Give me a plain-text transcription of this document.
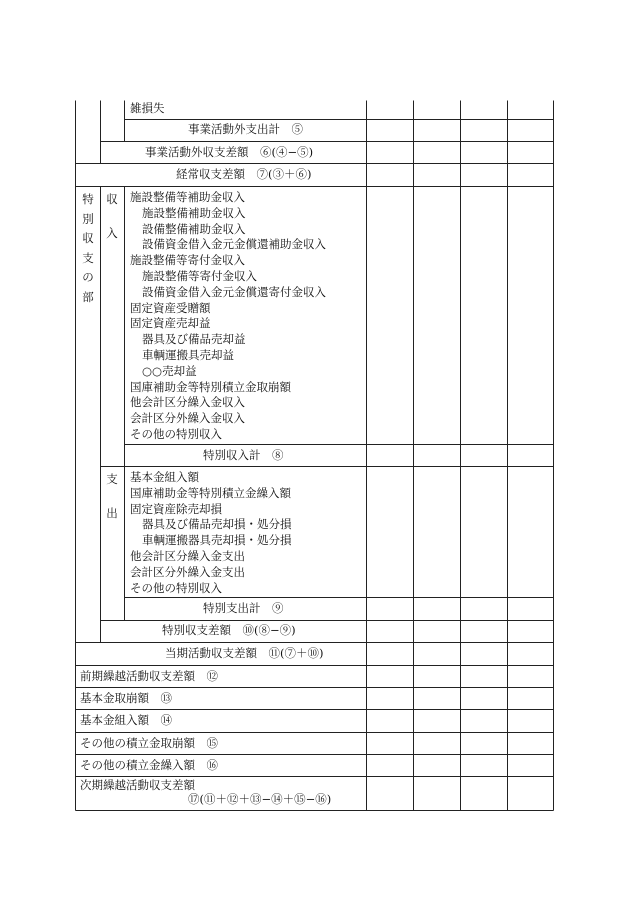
雑損失
事業活動外支出計　⑤
事業活動外収支差額　⑥(④−⑤)
経常収支差額　⑦(③＋⑥)
特
別
収
支
の
部
収
入
支
出
施設整備等補助金収入
施設整備補助金収入
設備整備補助金収入
設備資金借入金元金償還補助金収入
施設整備等寄付金収入
施設整備等寄付金収入
設備資金借入金元金償還寄付金収入
固定資産受贈額
固定資産売却益
器具及び備品売却益
車輌運搬具売却益
○○売却益
国庫補助金等特別積立金取崩額
他会計区分繰入金収入
会計区分外繰入金収入
その他の特別収入
基本金組入額
国庫補助金等特別積立金繰入額
固定資産除売却損
器具及び備品売却損・処分損
車輌運搬器具売却損・処分損
他会計区分繰入金支出
会計区分外繰入金支出
その他の特別収入
特別収入計　⑧
特別支出計　⑨
特別収支差額　⑩(⑧−⑨)
当期活動収支差額　⑪(⑦＋⑩)
前期繰越活動収支差額　⑫
基本金取崩額　⑬
基本金組入額　⑭
その他の積立金取崩額　⑮
その他の積立金繰入額　⑯
次期繰越活動収支差額
⑰(⑪＋⑫＋⑬−⑭＋⑮−⑯)
